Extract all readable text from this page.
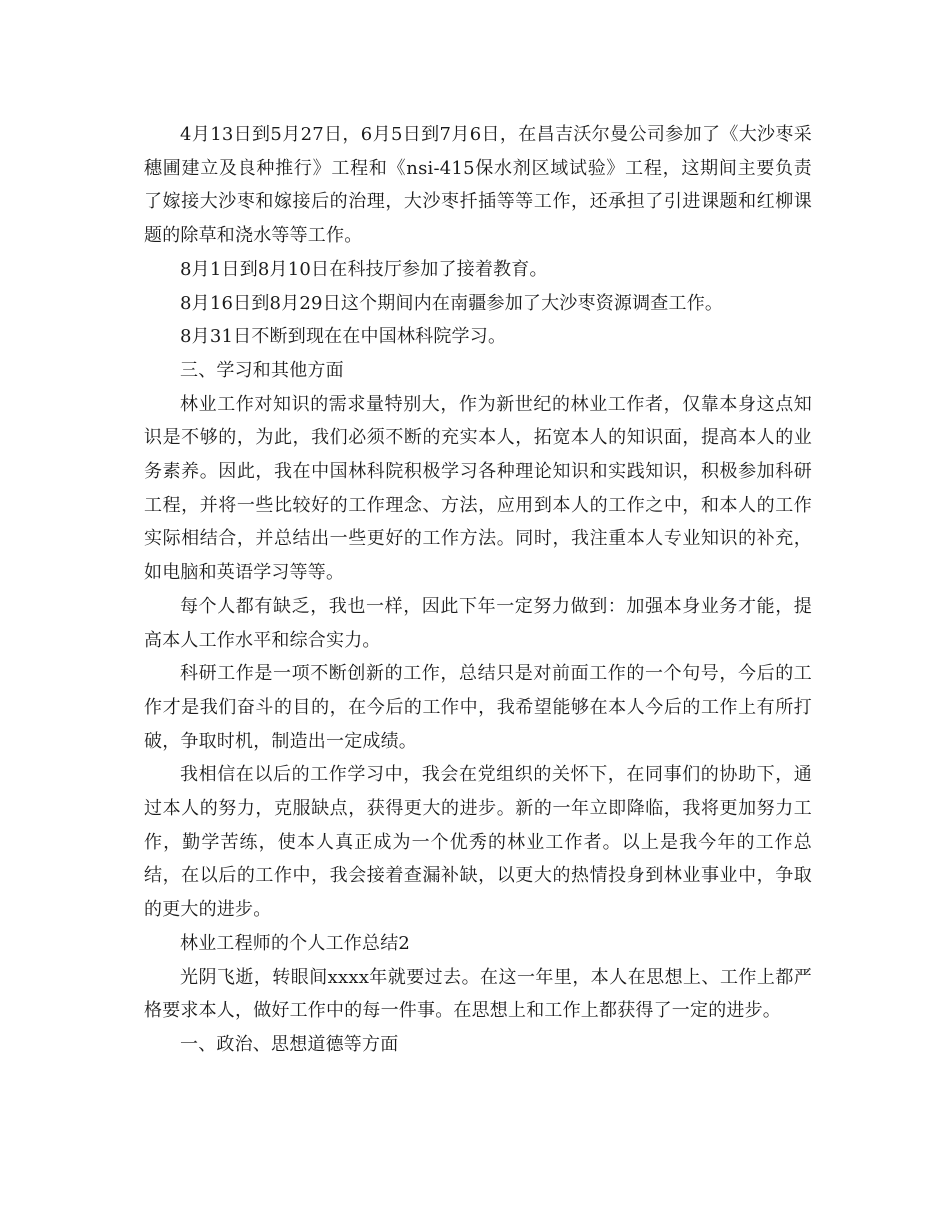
4月13日到5月27日，6月5日到7月6日，在昌吉沃尔曼公司参加了《大沙枣采穗圃建立及良种推行》工程和《nsi-415保水剂区域试验》工程，这期间主要负责了嫁接大沙枣和嫁接后的治理，大沙枣扦插等等工作，还承担了引进课题和红柳课题的除草和浇水等等工作。

8月1日到8月10日在科技厅参加了接着教育。

8月16日到8月29日这个期间内在南疆参加了大沙枣资源调查工作。

8月31日不断到现在在中国林科院学习。

三、学习和其他方面

林业工作对知识的需求量特别大，作为新世纪的林业工作者，仅靠本身这点知识是不够的，为此，我们必须不断的充实本人，拓宽本人的知识面，提高本人的业务素养。因此，我在中国林科院积极学习各种理论知识和实践知识，积极参加科研工程，并将一些比较好的工作理念、方法，应用到本人的工作之中，和本人的工作实际相结合，并总结出一些更好的工作方法。同时，我注重本人专业知识的补充，如电脑和英语学习等等。

每个人都有缺乏，我也一样，因此下年一定努力做到：加强本身业务才能，提高本人工作水平和综合实力。

科研工作是一项不断创新的工作，总结只是对前面工作的一个句号，今后的工作才是我们奋斗的目的，在今后的工作中，我希望能够在本人今后的工作上有所打破，争取时机，制造出一定成绩。

我相信在以后的工作学习中，我会在党组织的关怀下，在同事们的协助下，通过本人的努力，克服缺点，获得更大的进步。新的一年立即降临，我将更加努力工作，勤学苦练，使本人真正成为一个优秀的林业工作者。以上是我今年的工作总结，在以后的工作中，我会接着查漏补缺，以更大的热情投身到林业事业中，争取的更大的进步。

林业工程师的个人工作总结2

光阴飞逝，转眼间xxxx年就要过去。在这一年里，本人在思想上、工作上都严格要求本人，做好工作中的每一件事。在思想上和工作上都获得了一定的进步。

一、政治、思想道德等方面
